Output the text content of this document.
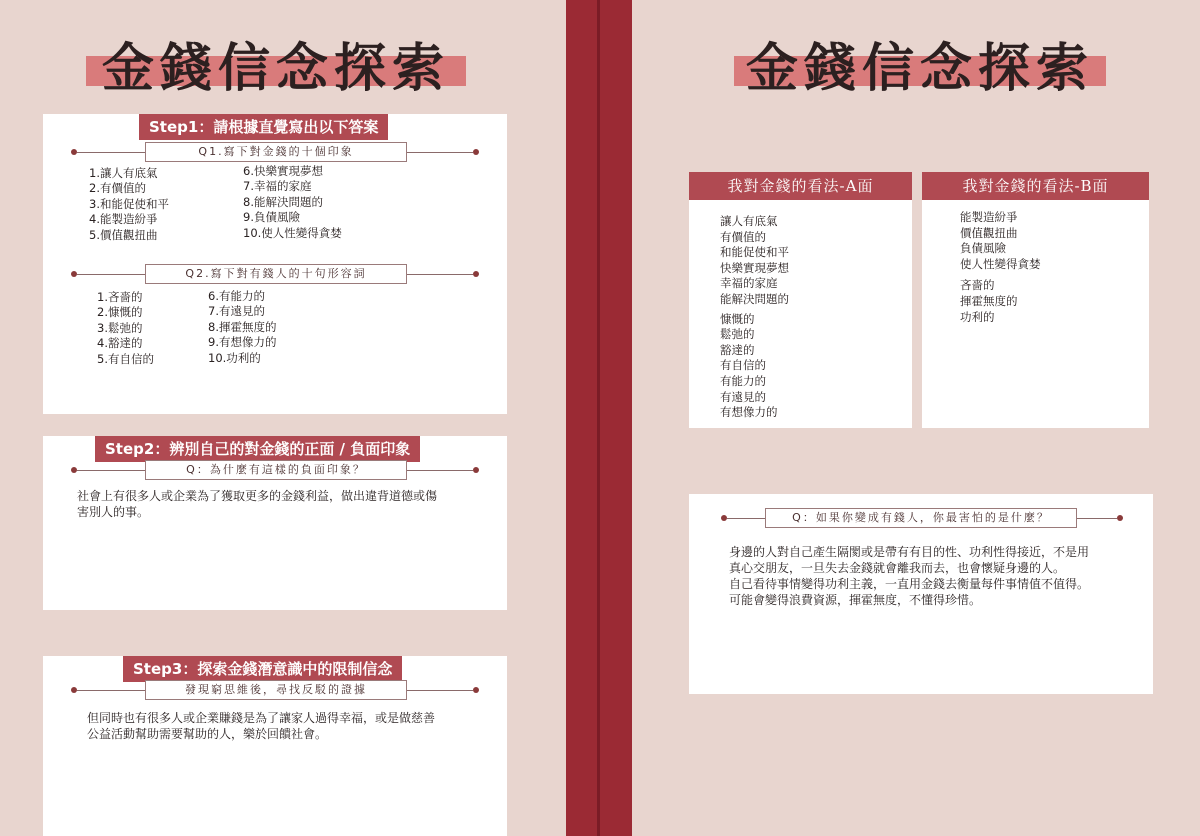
金錢信念探索
Step1：請根據直覺寫出以下答案
Q1.寫下對金錢的十個印象
1.讓人有底氣
2.有價值的
3.和能促使和平
4.能製造紛爭
5.價值觀扭曲
6.快樂實現夢想
7.幸福的家庭
8.能解決問題的
9.負債風險
10.使人性變得貪婪
Q2.寫下對有錢人的十句形容詞
1.吝嗇的
2.慷慨的
3.鬆弛的
4.豁達的
5.有自信的
6.有能力的
7.有遠見的
8.揮霍無度的
9.有想像力的
10.功利的
Step2：辨別自己的對金錢的正面 / 負面印象
Q：為什麼有這樣的負面印象？
社會上有很多人或企業為了獲取更多的金錢利益，做出違背道德或傷
害別人的事。
Step3：探索金錢潛意識中的限制信念
發現窮思維後，尋找反駁的證據
但同時也有很多人或企業賺錢是為了讓家人過得幸福，或是做慈善
公益活動幫助需要幫助的人，樂於回饋社會。
金錢信念探索
我對金錢的看法-A面
讓人有底氣
有價值的
和能促使和平
快樂實現夢想
幸福的家庭
能解決問題的
慷慨的
鬆弛的
豁達的
有自信的
有能力的
有遠見的
有想像力的
我對金錢的看法-B面
能製造紛爭
價值觀扭曲
負債風險
使人性變得貪婪
吝嗇的
揮霍無度的
功利的
Q：如果你變成有錢人，你最害怕的是什麼？
身邊的人對自己產生隔閡或是帶有有目的性、功利性得接近，不是用
真心交朋友，一旦失去金錢就會離我而去，也會懷疑身邊的人。
自己看待事情變得功利主義，一直用金錢去衡量每件事情值不值得。
可能會變得浪費資源，揮霍無度，不懂得珍惜。
